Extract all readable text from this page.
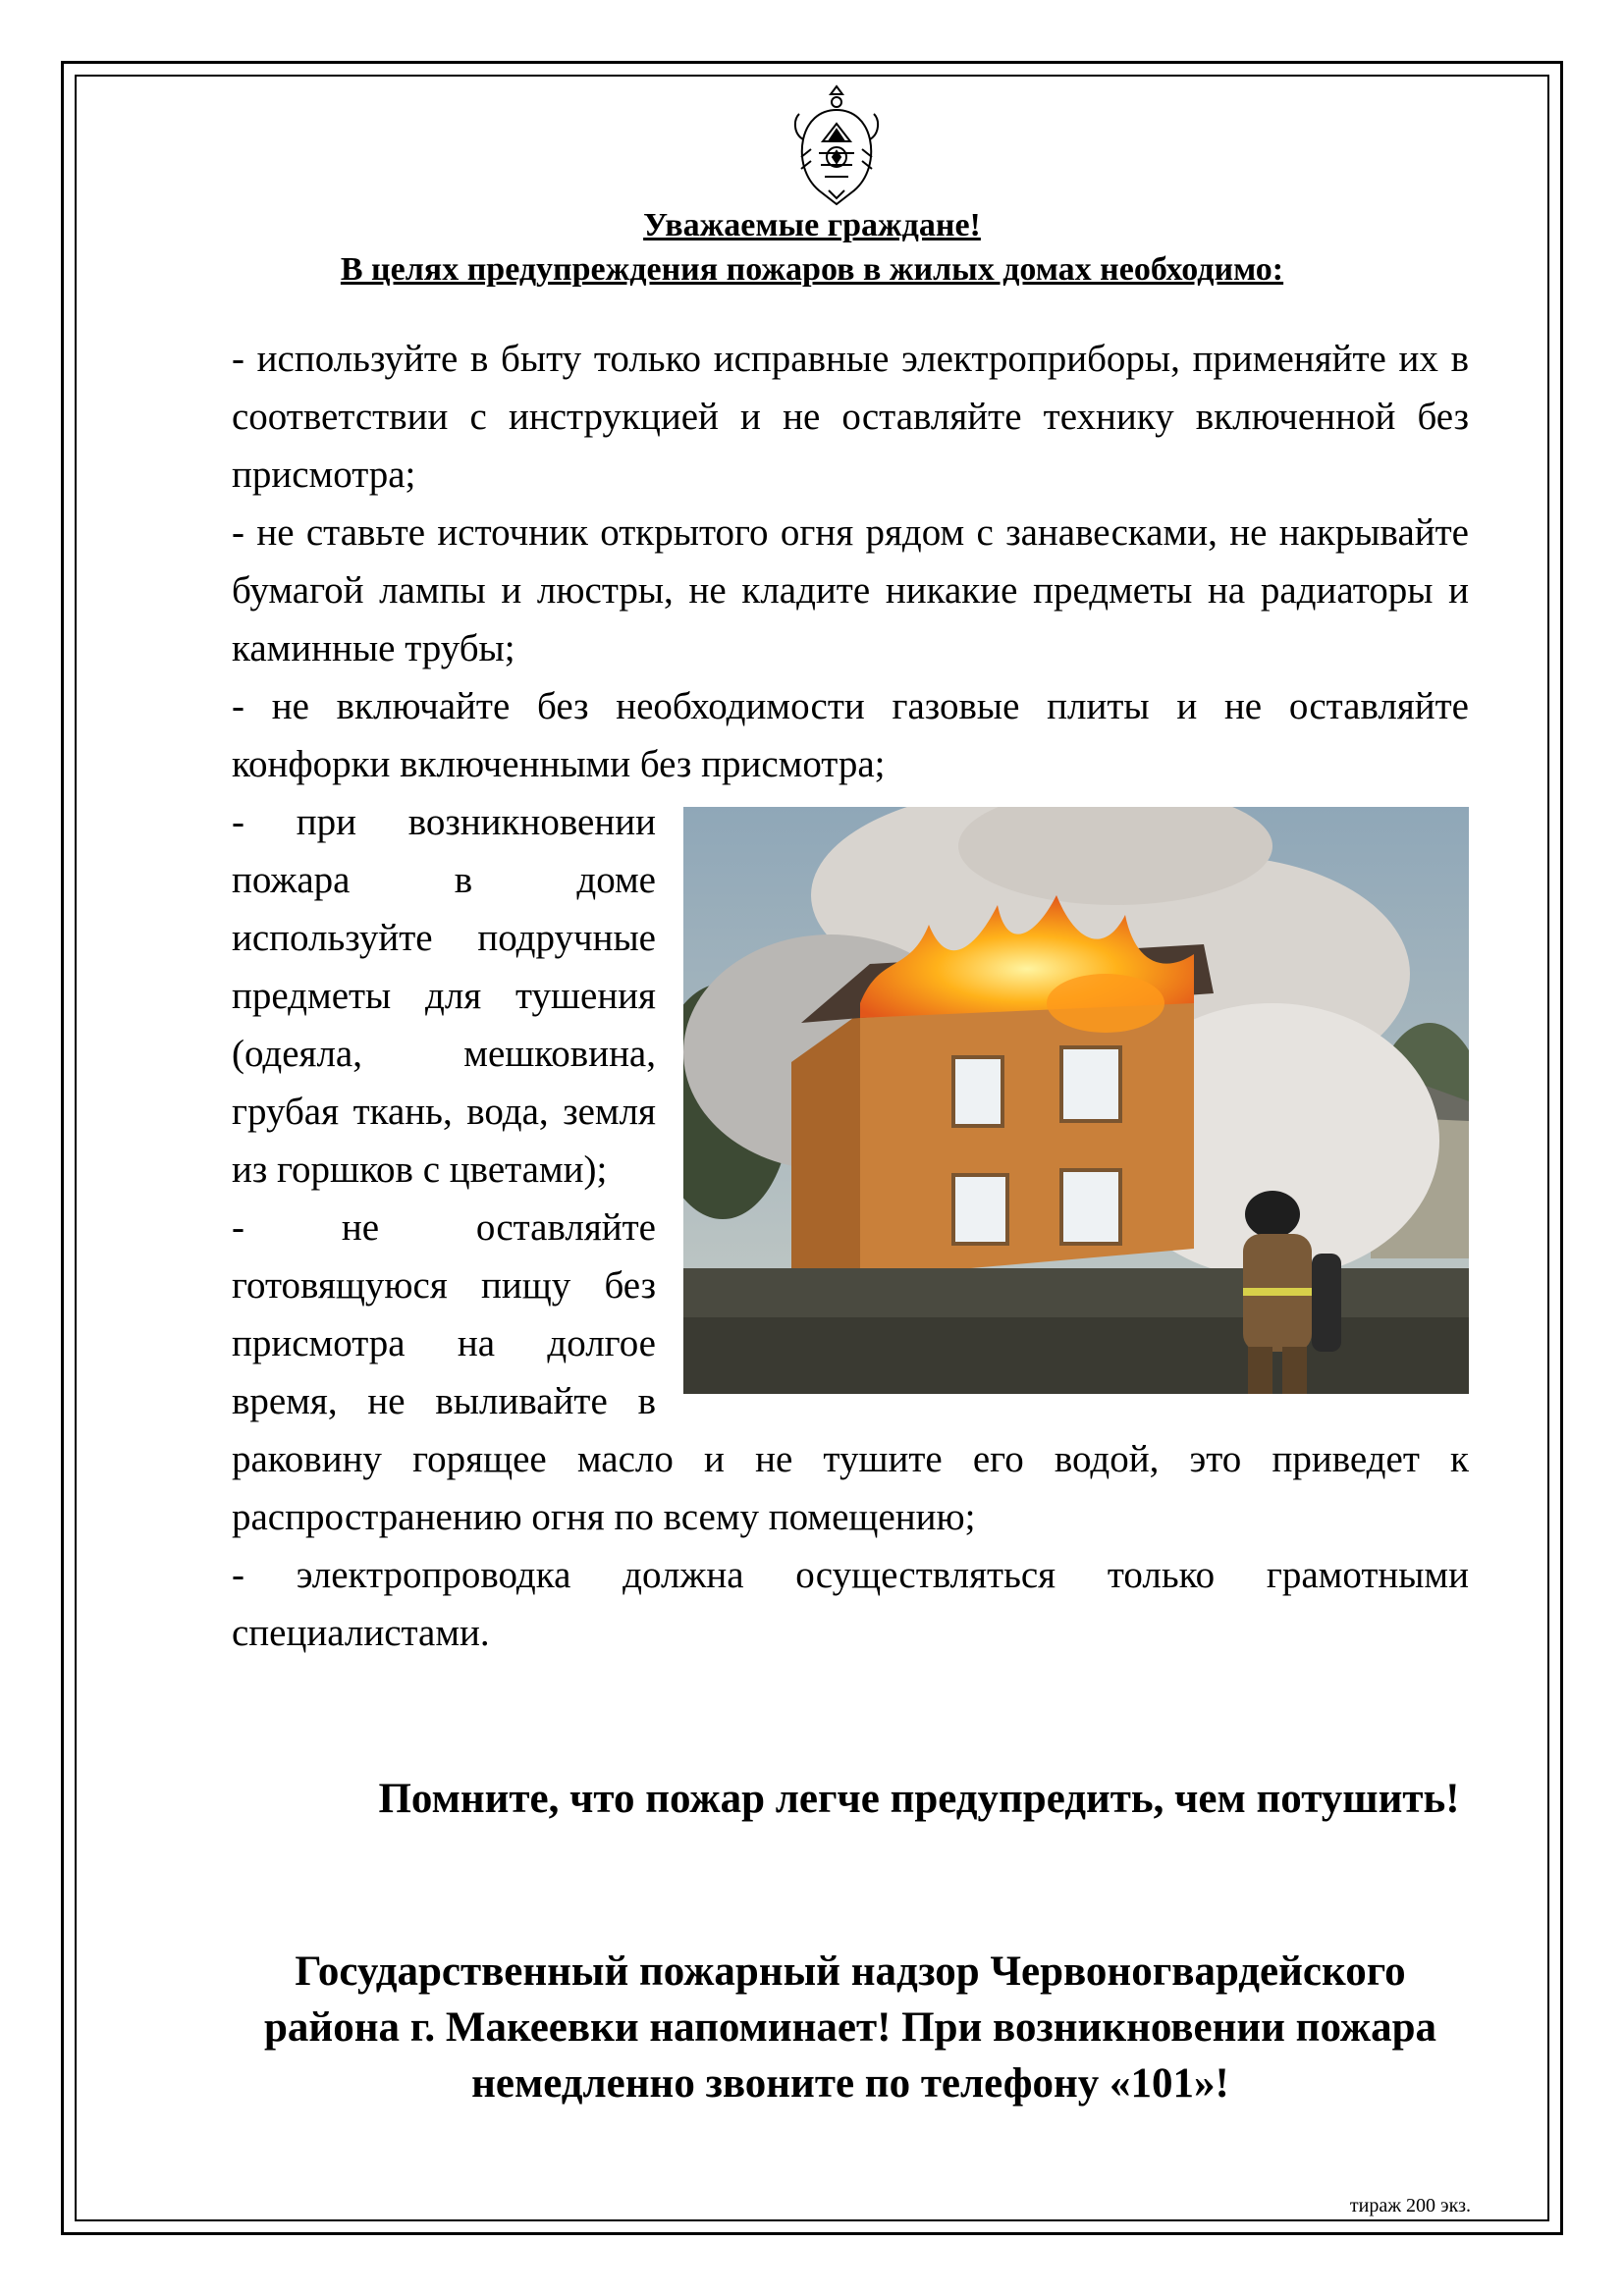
Уважаемые граждане!
В целях предупреждения пожаров в жилых домах необходимо:

- используйте в быту только исправные электроприборы, применяйте их в соответствии с инструкцией и не оставляйте технику включенной без присмотра;

- не ставьте источник открытого огня рядом с занавесками, не накрывайте бумагой лампы и люстры, не кладите никакие предметы на радиаторы и каминные трубы;

- не включайте без необходимости газовые плиты и не оставляйте конфорки включенными без присмотра;

- при возникновении пожара в доме используйте подручные предметы для тушения (одеяла, мешковина, грубая ткань, вода, земля из горшков с цветами);

- не оставляйте готовящуюся пищу без присмотра на долгое время, не выливайте в раковину горящее масло и не тушите его водой, это приведет к распространению огня по всему помещению;

- электропроводка должна осуществляться только грамотными специалистами.

Помните, что пожар легче предупредить, чем потушить!
Государственный пожарный надзор Червоногвардейского района г. Макеевки напоминает! При возникновении пожара немедленно звоните по телефону «101»!
тираж 200 экз.
